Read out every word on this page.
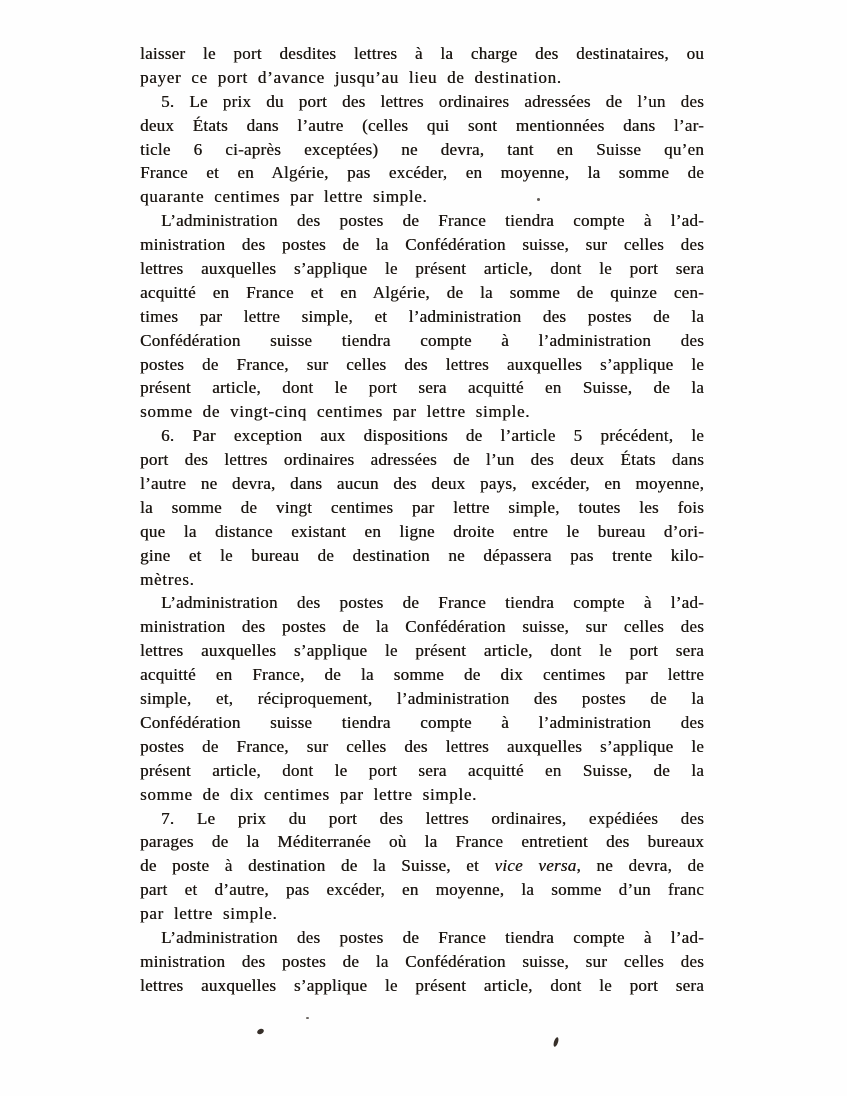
laisser le port desdites lettres à la charge des destinataires, ou
payer ce port d’avance jusqu’au lieu de destination.
5. Le prix du port des lettres ordinaires adressées de l’un des
deux États dans l’autre (celles qui sont mentionnées dans l’ar-
ticle 6 ci-après exceptées) ne devra, tant en Suisse qu’en
France et en Algérie, pas excéder, en moyenne, la somme de
quarante centimes par lettre simple.
L’administration des postes de France tiendra compte à l’ad-
ministration des postes de la Confédération suisse, sur celles des
lettres auxquelles s’applique le présent article, dont le port sera
acquitté en France et en Algérie, de la somme de quinze cen-
times par lettre simple, et l’administration des postes de la
Confédération suisse tiendra compte à l’administration des
postes de France, sur celles des lettres auxquelles s’applique le
présent article, dont le port sera acquitté en Suisse, de la
somme de vingt-cinq centimes par lettre simple.
6. Par exception aux dispositions de l’article 5 précédent, le
port des lettres ordinaires adressées de l’un des deux États dans
l’autre ne devra, dans aucun des deux pays, excéder, en moyenne,
la somme de vingt centimes par lettre simple, toutes les fois
que la distance existant en ligne droite entre le bureau d’ori-
gine et le bureau de destination ne dépassera pas trente kilo-
mètres.
L’administration des postes de France tiendra compte à l’ad-
ministration des postes de la Confédération suisse, sur celles des
lettres auxquelles s’applique le présent article, dont le port sera
acquitté en France, de la somme de dix centimes par lettre
simple, et, réciproquement, l’administration des postes de la
Confédération suisse tiendra compte à l’administration des
postes de France, sur celles des lettres auxquelles s’applique le
présent article, dont le port sera acquitté en Suisse, de la
somme de dix centimes par lettre simple.
7. Le prix du port des lettres ordinaires, expédiées des
parages de la Méditerranée où la France entretient des bureaux
de poste à destination de la Suisse, et vice versa, ne devra, de
part et d’autre, pas excéder, en moyenne, la somme d’un franc
par lettre simple.
L’administration des postes de France tiendra compte à l’ad-
ministration des postes de la Confédération suisse, sur celles des
lettres auxquelles s’applique le présent article, dont le port sera
